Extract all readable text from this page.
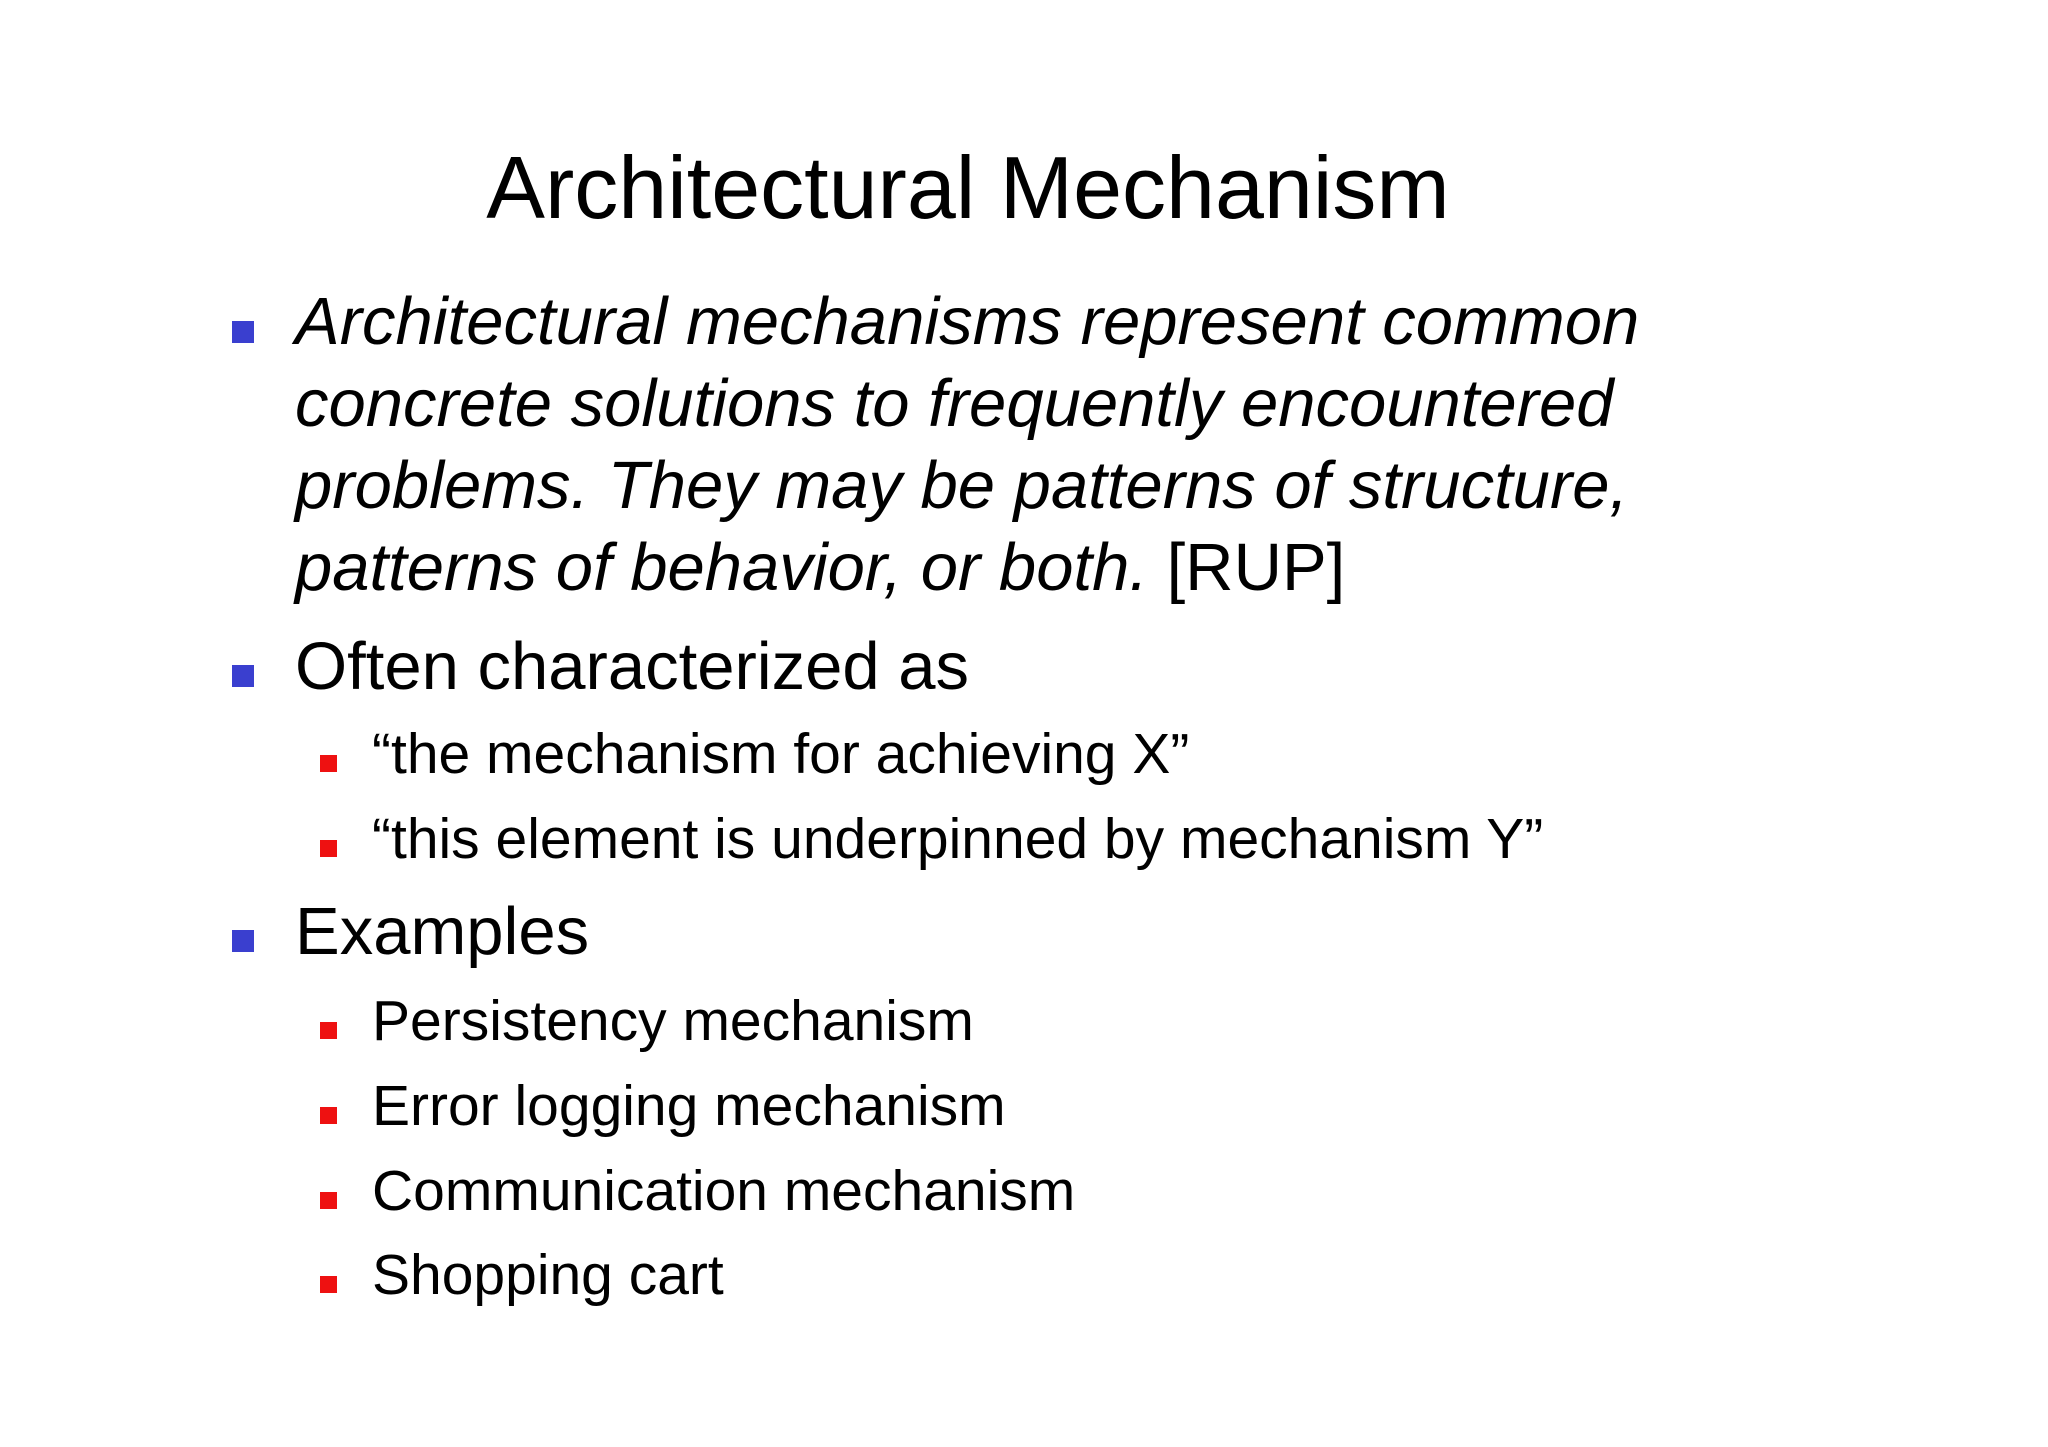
Architectural Mechanism
Architectural mechanisms represent common
concrete solutions to frequently encountered
problems. They may be patterns of structure,
patterns of behavior, or both. [RUP]
Often characterized as
“the mechanism for achieving X”
“this element is underpinned by mechanism Y”
Examples
Persistency mechanism
Error logging mechanism
Communication mechanism
Shopping cart
